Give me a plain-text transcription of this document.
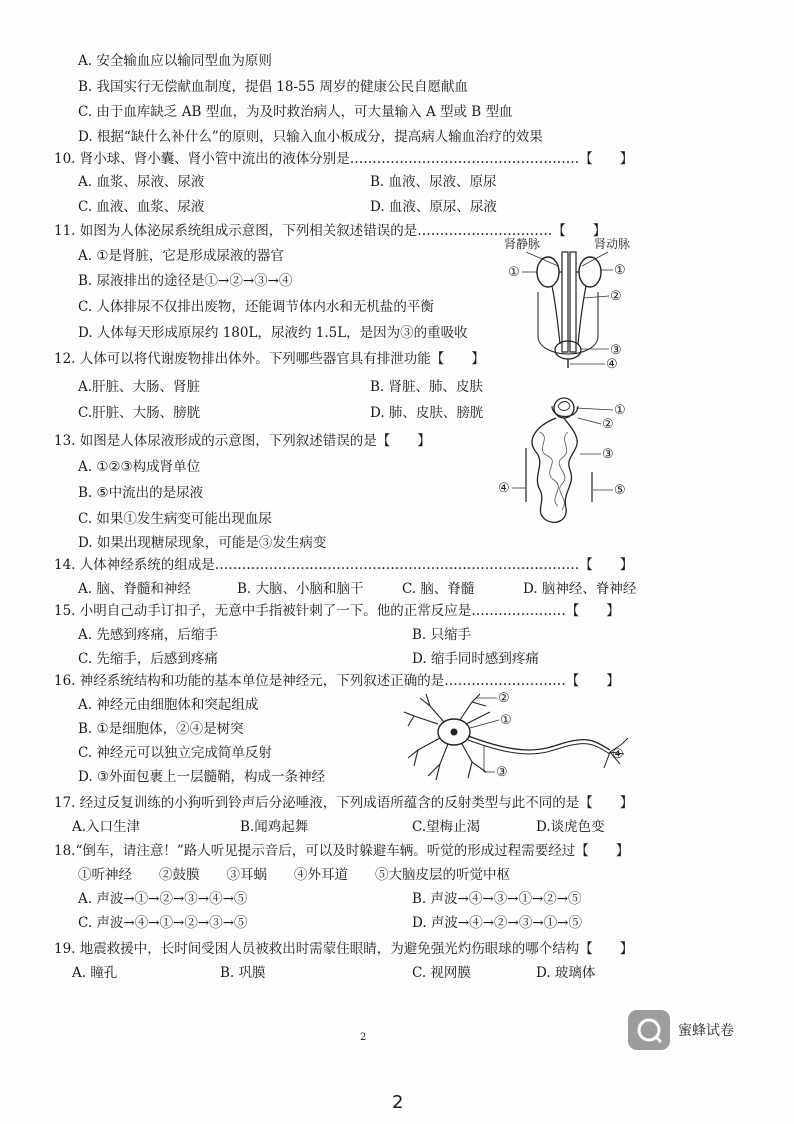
A. 安全输血应以输同型血为原则
B. 我国实行无偿献血制度，提倡 18-55 周岁的健康公民自愿献血
C. 由于血库缺乏 AB 型血，为及时救治病人，可大量输入 A 型或 B 型血
D. 根据“缺什么补什么”的原则，只输入血小板成分，提高病人输血治疗的效果
10. 肾小球、肾小囊、肾小管中流出的液体分别是……………………………………………【　　】
A. 血浆、尿液、尿液	B. 血液、尿液、原尿
C. 血液、血浆、尿液	D. 血液、原尿、尿液
11. 如图为人体泌尿系统组成示意图，下列相关叙述错误的是…………………………【　　】
A. ①是肾脏，它是形成尿液的器官
B. 尿液排出的途径是①→②→③→④
C. 人体排尿不仅排出废物，还能调节体内水和无机盐的平衡
D. 人体每天形成原尿约 180L，尿液约 1.5L，是因为③的重吸收
肾静脉	肾动脉
①	①
②
③
④
12. 人体可以将代谢废物排出体外。下列哪些器官具有排泄功能【　　】
A.肝脏、大肠、肾脏	B. 肾脏、肺、皮肤
C.肝脏、大肠、膀胱	D. 肺、皮肤、膀胱
13. 如图是人体尿液形成的示意图，下列叙述错误的是【　　】
A. ①②③构成肾单位
B. ⑤中流出的是尿液
C. 如果①发生病变可能出现血尿
D. 如果出现糖尿现象，可能是③发生病变
①
②
③
④	⑤
14. 人体神经系统的组成是………………………………………………………………………【　　】
A. 脑、脊髓和神经	B. 大脑、小脑和脑干	C. 脑、脊髓	D. 脑神经、脊神经
15. 小明自己动手订扣子，无意中手指被针刺了一下。他的正常反应是…………………【　　】
A. 先感到疼痛，后缩手	B. 只缩手
C. 先缩手，后感到疼痛	D. 缩手同时感到疼痛
16. 神经系统结构和功能的基本单位是神经元，下列叙述正确的是………………………【　　】
A. 神经元由细胞体和突起组成
B. ①是细胞体，②④是树突
C. 神经元可以独立完成简单反射
D. ③外面包裹上一层髓鞘，构成一条神经
②
①
③
④
17. 经过反复训练的小狗听到铃声后分泌唾液，下列成语所蕴含的反射类型与此不同的是【　　】
A.入口生津	B.闻鸡起舞	C.望梅止渴	D.谈虎色变
18.“倒车，请注意！”路人听见提示音后，可以及时躲避车辆。听觉的形成过程需要经过【　　】
①听神经　　②鼓膜　　③耳蜗　　④外耳道　　⑤大脑皮层的听觉中枢
A. 声波→①→②→③→④→⑤	B. 声波→④→③→①→②→⑤
C. 声波→④→①→②→③→⑤	D. 声波→④→②→③→①→⑤
19. 地震救援中，长时间受困人员被救出时需蒙住眼睛，为避免强光灼伤眼球的哪个结构【　　】
A. 瞳孔	B. 巩膜	C. 视网膜	D. 玻璃体
2	蜜蜂试卷
2
